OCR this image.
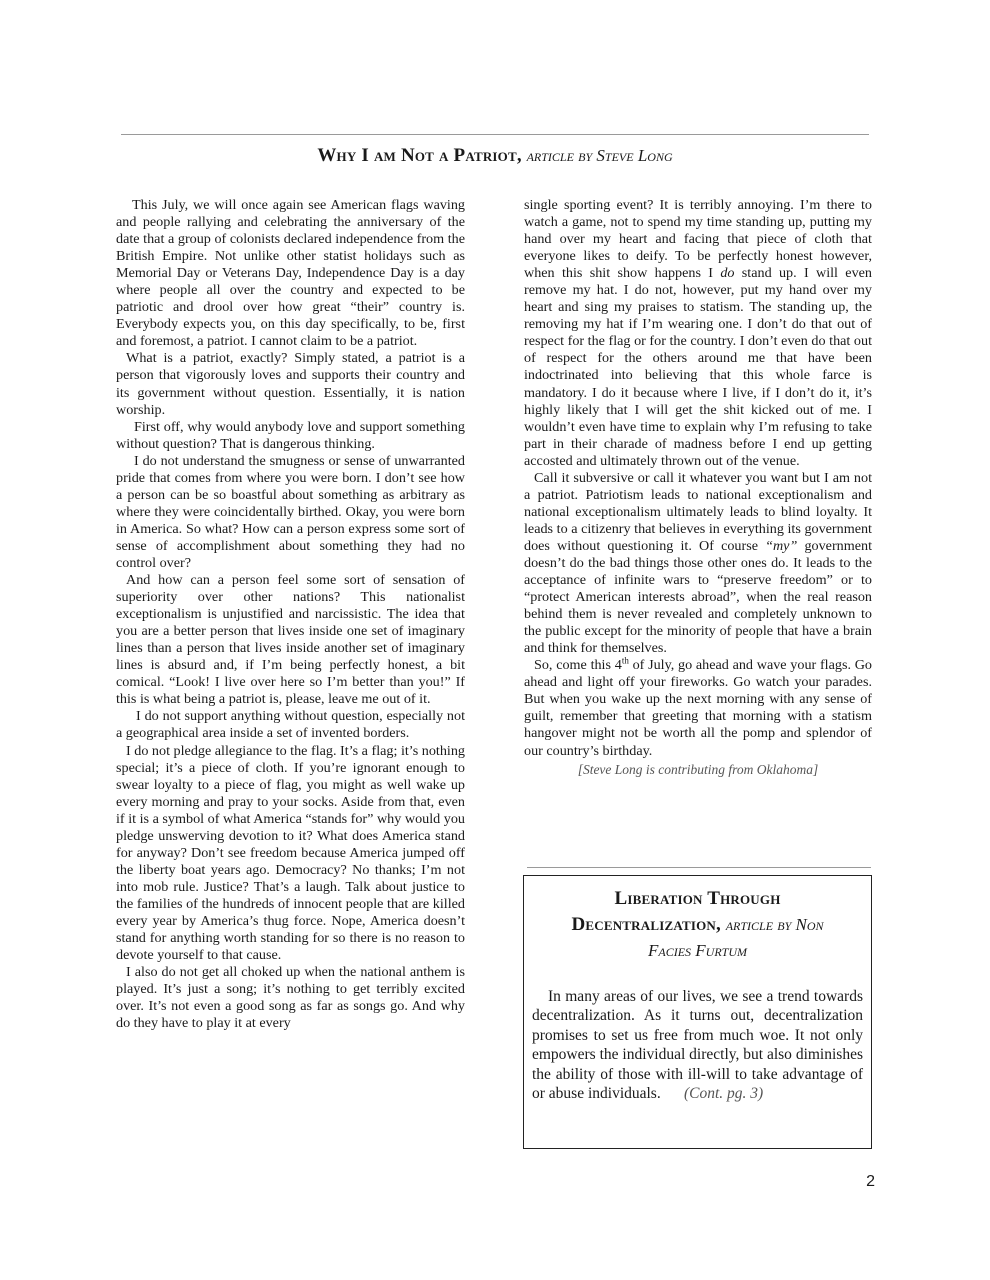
Why I am Not a Patriot, article by Steve Long

This July, we will once again see American flags waving and people rallying and celebrating the anniversary of the date that a group of colonists declared independence from the British Empire. Not unlike other statist holidays such as Memorial Day or Veterans Day, Independence Day is a day where people all over the country and expected to be patriotic and drool over how great “their” country is. Everybody expects you, on this day specifically, to be, first and foremost, a patriot. I cannot claim to be a patriot.

What is a patriot, exactly? Simply stated, a patriot is a person that vigorously loves and supports their country and its government without question. Essentially, it is nation worship.

First off, why would anybody love and support something without question? That is dangerous thinking.

I do not understand the smugness or sense of unwarranted pride that comes from where you were born. I don’t see how a person can be so boastful about something as arbitrary as where they were coincidentally birthed. Okay, you were born in America. So what? How can a person express some sort of sense of accomplishment about something they had no control over?

And how can a person feel some sort of sensation of superiority over other nations? This nationalist exceptionalism is unjustified and narcissistic. The idea that you are a better person that lives inside one set of imaginary lines than a person that lives inside another set of imaginary lines is absurd and, if I’m being perfectly honest, a bit comical. “Look! I live over here so I’m better than you!” If this is what being a patriot is, please, leave me out of it.

I do not support anything without question, especially not a geographical area inside a set of invented borders.

I do not pledge allegiance to the flag. It’s a flag; it’s nothing special; it’s a piece of cloth. If you’re ignorant enough to swear loyalty to a piece of flag, you might as well wake up every morning and pray to your socks. Aside from that, even if it is a symbol of what America “stands for” why would you pledge unswerving devotion to it? What does America stand for anyway? Don’t see freedom because America jumped off the liberty boat years ago. Democracy? No thanks; I’m not into mob rule. Justice? That’s a laugh. Talk about justice to the families of the hundreds of innocent people that are killed every year by America’s thug force. Nope, America doesn’t stand for anything worth standing for so there is no reason to devote yourself to that cause.

I also do not get all choked up when the national anthem is played. It’s just a song; it’s nothing to get terribly excited over. It’s not even a good song as far as songs go. And why do they have to play it at every

single sporting event? It is terribly annoying. I’m there to watch a game, not to spend my time standing up, putting my hand over my heart and facing that piece of cloth that everyone likes to deify. To be perfectly honest however, when this shit show happens I do stand up. I will even remove my hat. I do not, however, put my hand over my heart and sing my praises to statism. The standing up, the removing my hat if I’m wearing one. I don’t do that out of respect for the flag or for the country. I don’t even do that out of respect for the others around me that have been indoctrinated into believing that this whole farce is mandatory. I do it because where I live, if I don’t do it, it’s highly likely that I will get the shit kicked out of me. I wouldn’t even have time to explain why I’m refusing to take part in their charade of madness before I end up getting accosted and ultimately thrown out of the venue.

Call it subversive or call it whatever you want but I am not a patriot. Patriotism leads to national exceptionalism and national exceptionalism ultimately leads to blind loyalty. It leads to a citizenry that believes in everything its government does without questioning it. Of course “my” government doesn’t do the bad things those other ones do. It leads to the acceptance of infinite wars to “preserve freedom” or to “protect American interests abroad”, when the real reason behind them is never revealed and completely unknown to the public except for the minority of people that have a brain and think for themselves.

So, come this 4th of July, go ahead and wave your flags. Go ahead and light off your fireworks. Go watch your parades. But when you wake up the next morning with any sense of guilt, remember that greeting that morning with a statism hangover might not be worth all the pomp and splendor of our country’s birthday.

[Steve Long is contributing from Oklahoma]
Liberation Through
Decentralization, article by Non
Facies Furtum

In many areas of our lives, we see a trend towards decentralization. As it turns out, decentralization promises to set us free from much woe. It not only empowers the individual directly, but also diminishes the ability of those with ill-will to take advantage of or abuse individuals. (Cont. pg. 3)

2
